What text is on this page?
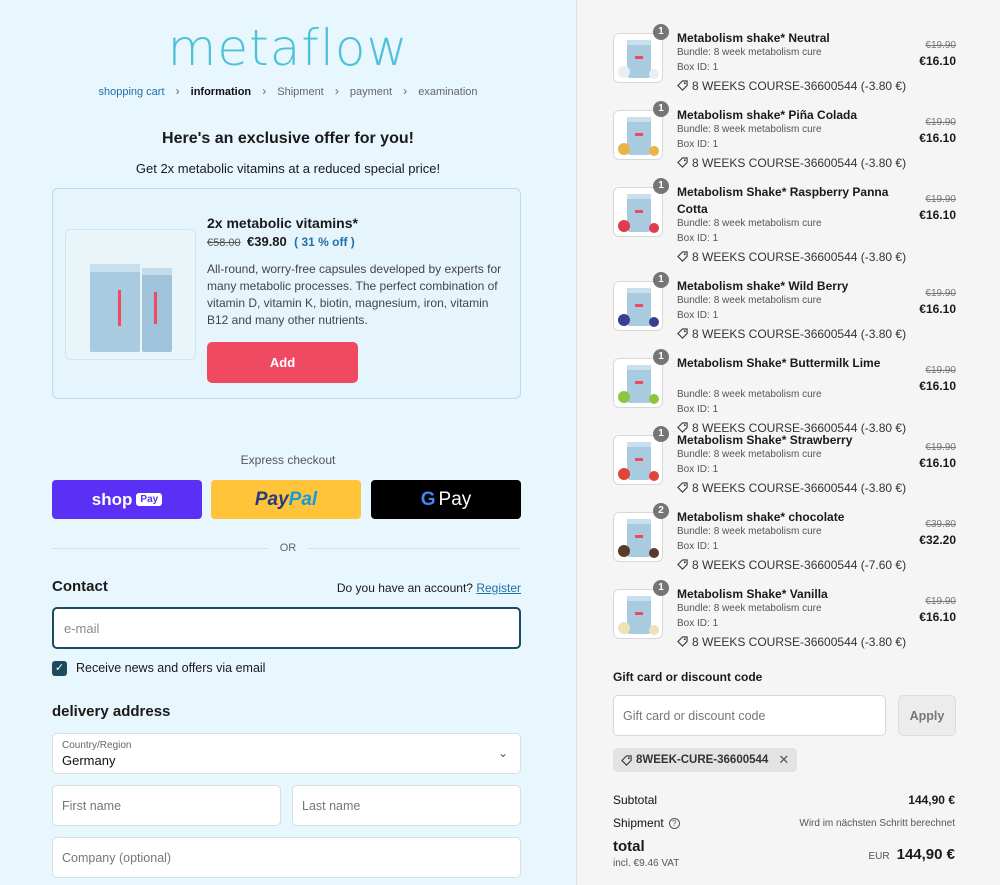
metaflow
shopping cart › information › Shipment › payment › examination
Here's an exclusive offer for you!
Get 2x metabolic vitamins at a reduced special price!
2x metabolic vitamins*
€58.00 €39.80 ( 31 % off )
All-round, worry-free capsules developed by experts for many metabolic processes. The perfect combination of vitamin D, vitamin K, biotin, magnesium, iron, vitamin B12 and many other nutrients.
Add
Express checkout
shop Pay	PayPal	G Pay
OR
Contact	Do you have an account? Register
e-mail
✓ Receive news and offers via email
delivery address
Country/Region
Germany	⌄
First name	Last name
Company (optional)
1	Metabolism shake* Neutral
Bundle: 8 week metabolism cure
Box ID: 1
8 WEEKS COURSE-36600544 (-3.80 €)
€19.90
€16.10
1	Metabolism shake* Piña Colada
Bundle: 8 week metabolism cure
Box ID: 1
8 WEEKS COURSE-36600544 (-3.80 €)
€19.90
€16.10
1	Metabolism Shake* Raspberry Panna Cotta
Bundle: 8 week metabolism cure
Box ID: 1
8 WEEKS COURSE-36600544 (-3.80 €)
€19.90
€16.10
1	Metabolism shake* Wild Berry
Bundle: 8 week metabolism cure
Box ID: 1
8 WEEKS COURSE-36600544 (-3.80 €)
€19.90
€16.10
1	Metabolism Shake* Buttermilk Lime
Bundle: 8 week metabolism cure
Box ID: 1
8 WEEKS COURSE-36600544 (-3.80 €)
€19.90
€16.10
1	Metabolism Shake* Strawberry
Bundle: 8 week metabolism cure
Box ID: 1
8 WEEKS COURSE-36600544 (-3.80 €)
€19.90
€16.10
2	Metabolism shake* chocolate
Bundle: 8 week metabolism cure
Box ID: 1
8 WEEKS COURSE-36600544 (-7.60 €)
€39.80
€32.20
1	Metabolism Shake* Vanilla
Bundle: 8 week metabolism cure
Box ID: 1
8 WEEKS COURSE-36600544 (-3.80 €)
€19.90
€16.10
Gift card or discount code
Gift card or discount code
Apply
8WEEK-CURE-36600544 ✕
Subtotal	144,90 €
Shipment ?	Wird im nächsten Schritt berechnet
total
incl. €9.46 VAT
EUR 144,90 €
